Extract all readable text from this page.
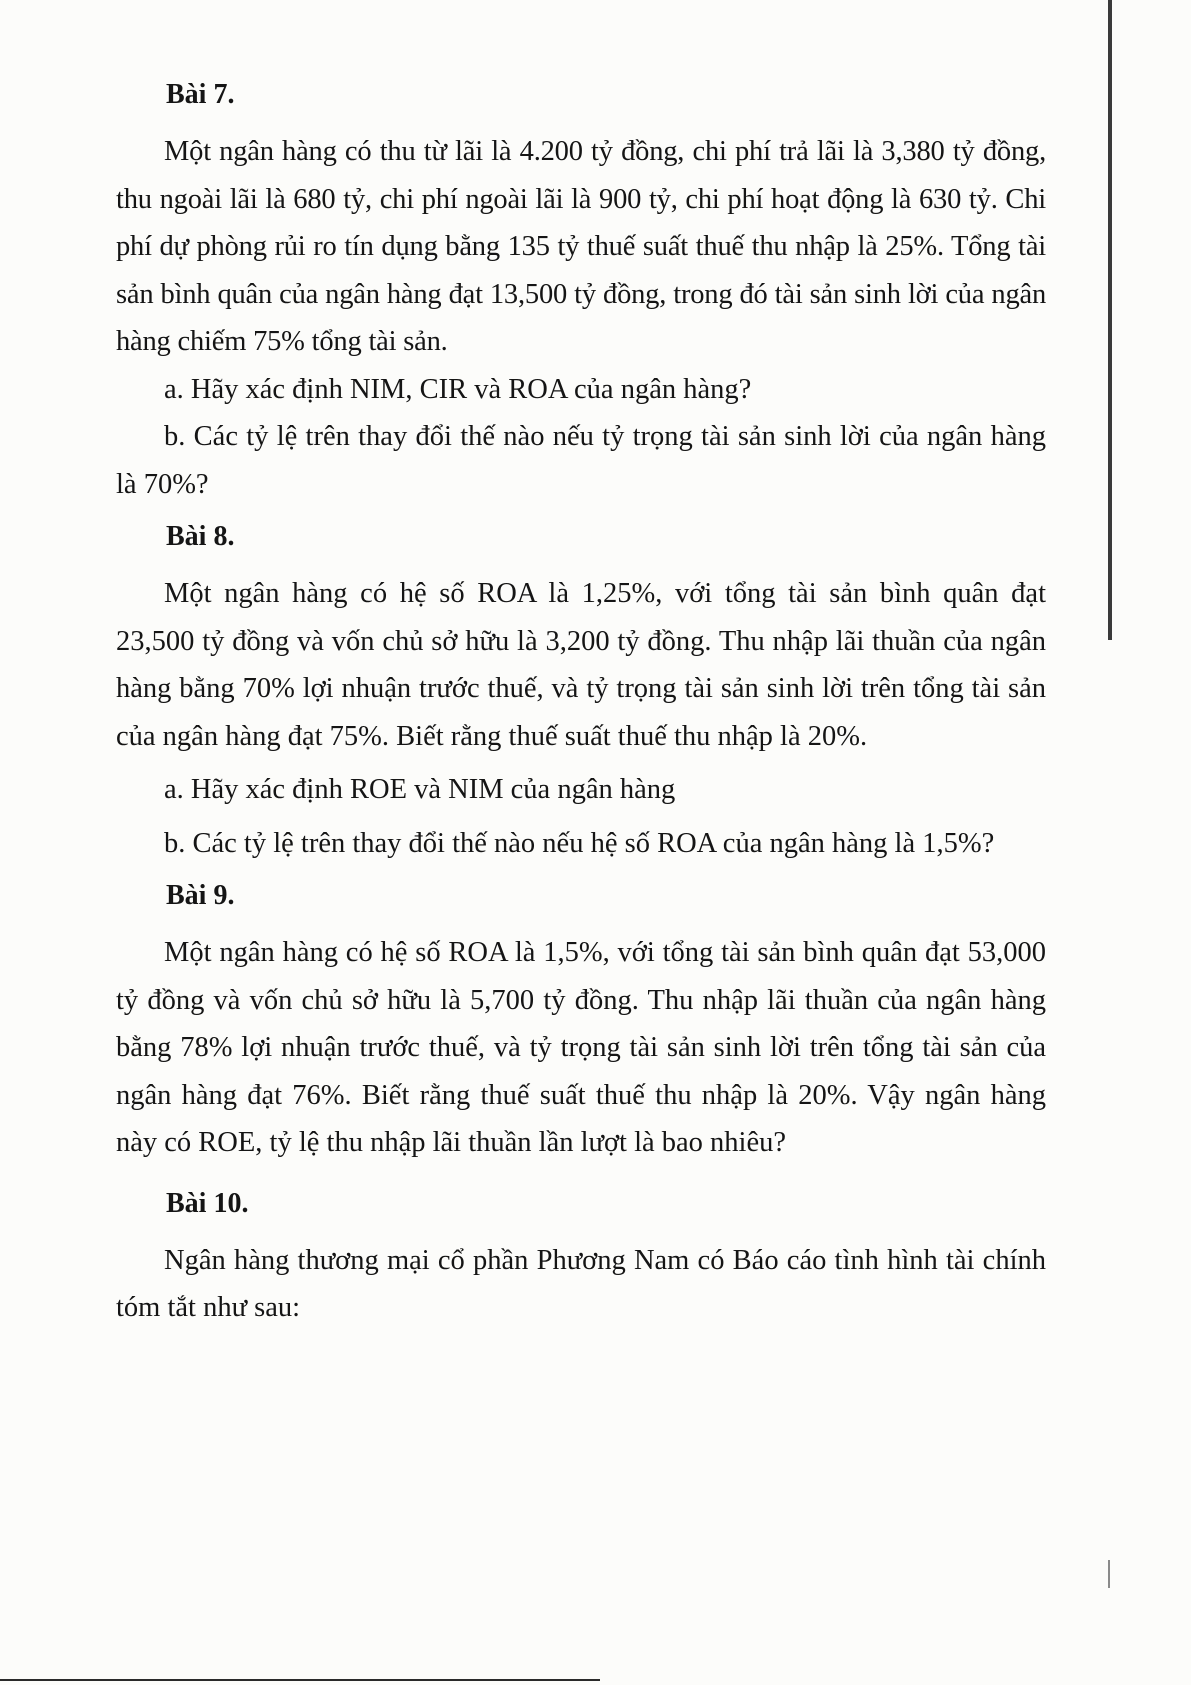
Bài 7.

Một ngân hàng có thu từ lãi là 4.200 tỷ đồng, chi phí trả lãi là 3,380 tỷ đồng, thu ngoài lãi là 680 tỷ, chi phí ngoài lãi là 900 tỷ, chi phí hoạt động là 630 tỷ. Chi phí dự phòng rủi ro tín dụng bằng 135 tỷ thuế suất thuế thu nhập là 25%. Tổng tài sản bình quân của ngân hàng đạt 13,500 tỷ đồng, trong đó tài sản sinh lời của ngân hàng chiếm 75% tổng tài sản.

a. Hãy xác định NIM, CIR và ROA của ngân hàng?

b. Các tỷ lệ trên thay đổi thế nào nếu tỷ trọng tài sản sinh lời của ngân hàng là 70%?

Bài 8.

Một ngân hàng có hệ số ROA là 1,25%, với tổng tài sản bình quân đạt 23,500 tỷ đồng và vốn chủ sở hữu là 3,200 tỷ đồng. Thu nhập lãi thuần của ngân hàng bằng 70% lợi nhuận trước thuế, và tỷ trọng tài sản sinh lời trên tổng tài sản của ngân hàng đạt 75%. Biết rằng thuế suất thuế thu nhập là 20%.

a. Hãy xác định ROE và NIM của ngân hàng

b. Các tỷ lệ trên thay đổi thế nào nếu hệ số ROA của ngân hàng là 1,5%?

Bài 9.

Một ngân hàng có hệ số ROA là 1,5%, với tổng tài sản bình quân đạt 53,000 tỷ đồng và vốn chủ sở hữu là 5,700 tỷ đồng. Thu nhập lãi thuần của ngân hàng bằng 78% lợi nhuận trước thuế, và tỷ trọng tài sản sinh lời trên tổng tài sản của ngân hàng đạt 76%. Biết rằng thuế suất thuế thu nhập là 20%. Vậy ngân hàng này có ROE, tỷ lệ thu nhập lãi thuần lần lượt là bao nhiêu?

Bài 10.

Ngân hàng thương mại cổ phần Phương Nam có Báo cáo tình hình tài chính tóm tắt như sau:
